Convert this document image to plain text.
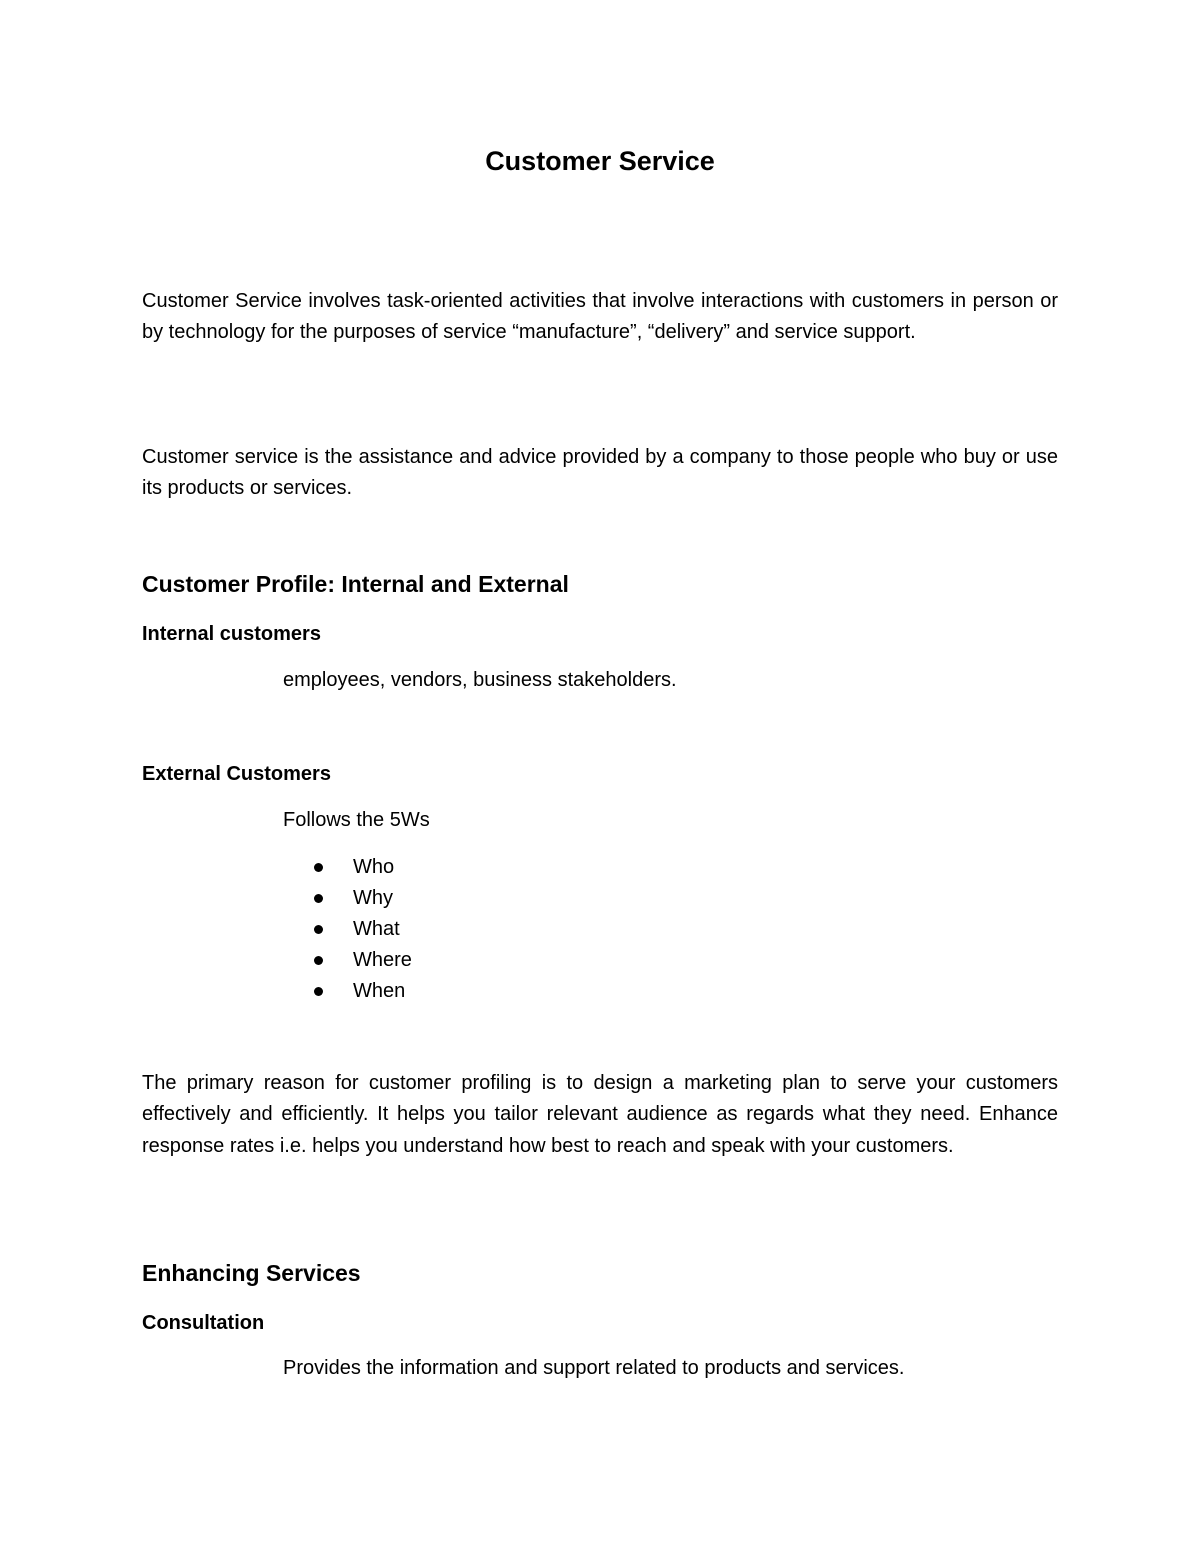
Customer Service

Customer Service involves task-oriented activities that involve interactions with customers in person or by technology for the purposes of service “manufacture”, “delivery” and service support.

Customer service is the assistance and advice provided by a company to those people who buy or use its products or services.

Customer Profile: Internal and External
Internal customers

employees, vendors, business stakeholders.

External Customers

Follows the 5Ws

Who
Why
What
Where
When

The primary reason for customer profiling is to design a marketing plan to serve your customers effectively and efficiently. It helps you tailor relevant audience as regards what they need. Enhance response rates i.e. helps you understand how best to reach and speak with your customers.

Enhancing Services
Consultation

Provides the information and support related to products and services.
